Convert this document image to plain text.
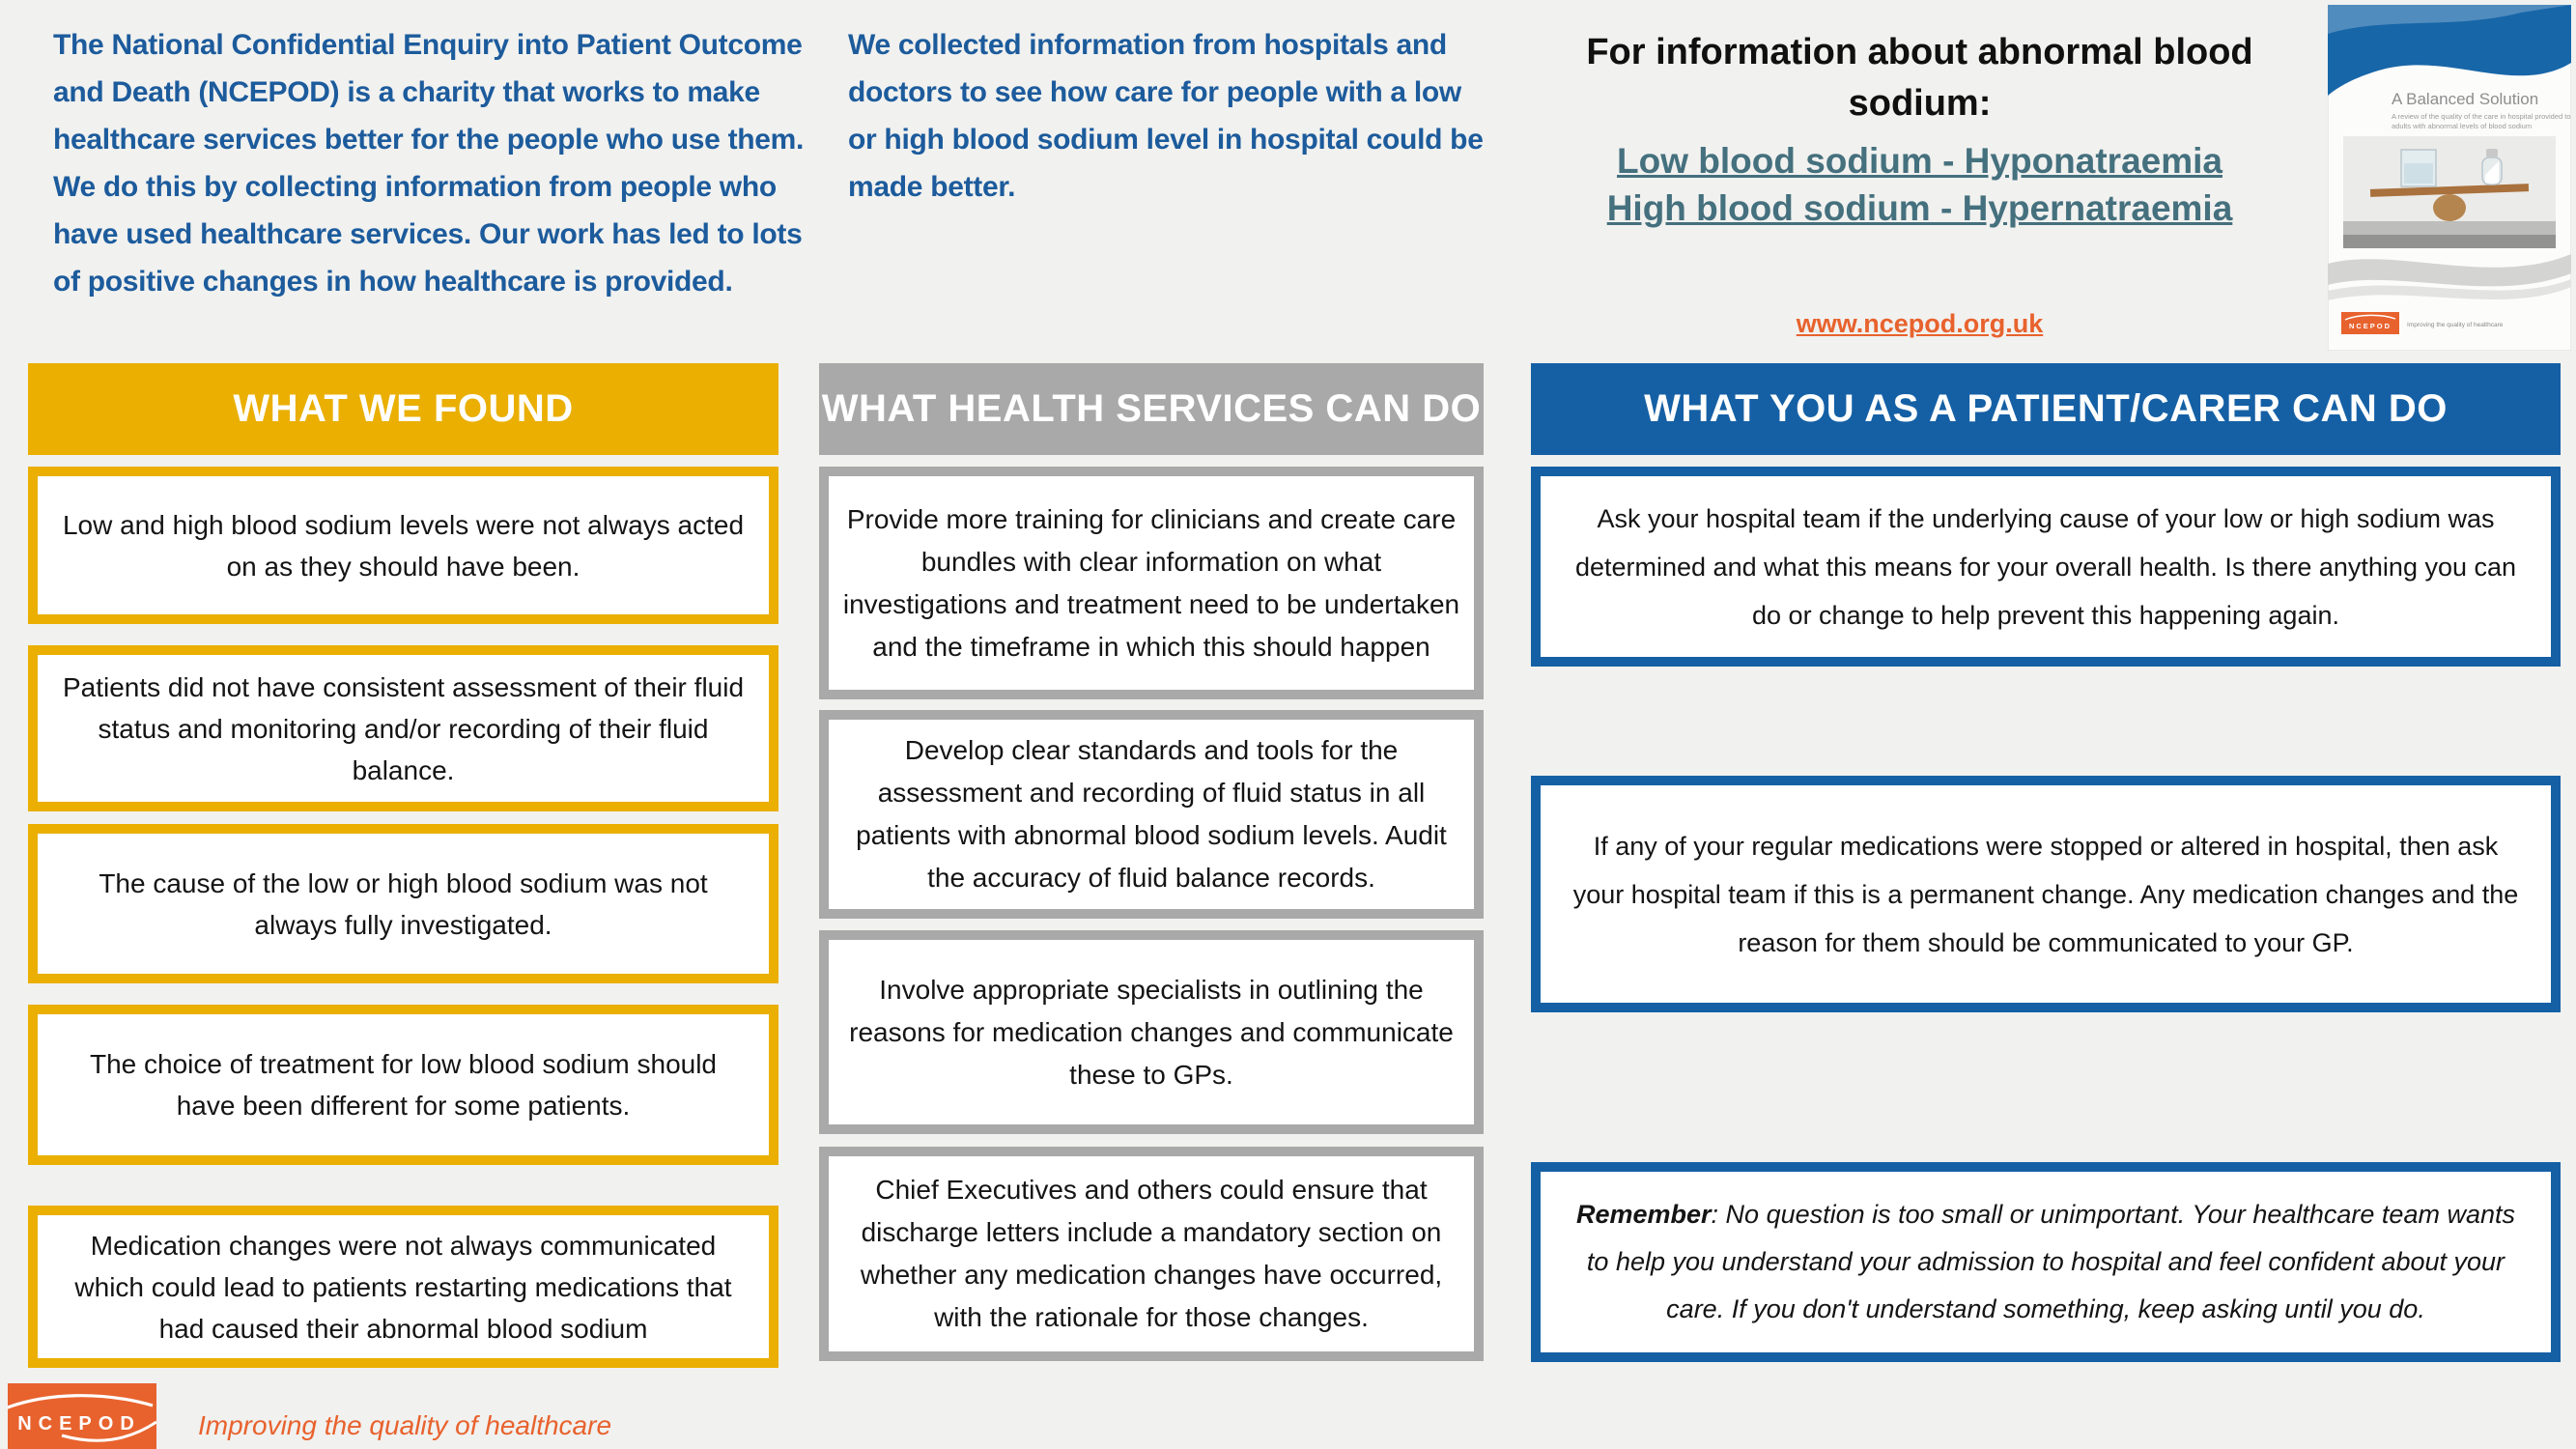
The National Confidential Enquiry into Patient Outcome and Death (NCEPOD) is a charity that works to make healthcare services better for the people who use them.

We do this by collecting information from people who have used healthcare services. Our work has led to lots of positive changes in how healthcare is provided.

We collected information from hospitals and doctors to see how care for people with a low or high blood sodium level in hospital could be made better.

For information about abnormal blood sodium:
Low blood sodium - Hyponatraemia
High blood sodium - Hypernatraemia

www.ncepod.org.uk
A Balanced Solution
A review of the quality of the care in hospital provided to
adults with abnormal levels of blood sodium
NCEPOD Improving the quality of healthcare
WHAT WE FOUND	WHAT HEALTH SERVICES CAN DO	WHAT YOU AS A PATIENT/CARER CAN DO

Low and high blood sodium levels were not always acted on as they should have been.

Patients did not have consistent assessment of their fluid status and monitoring and/or recording of their fluid balance.

The cause of the low or high blood sodium was not always fully investigated.

The choice of treatment for low blood sodium should have been different for some patients.

Medication changes were not always communicated which could lead to patients restarting medications that had caused their abnormal blood sodium

Provide more training for clinicians and create care bundles with clear information on what investigations and treatment need to be undertaken and the timeframe in which this should happen

Develop clear standards and tools for the assessment and recording of fluid status in all patients with abnormal blood sodium levels. Audit the accuracy of fluid balance records.

Involve appropriate specialists in outlining the reasons for medication changes and communicate these to GPs.

Chief Executives and others could ensure that discharge letters include a mandatory section on whether any medication changes have occurred, with the rationale for those changes.

Ask your hospital team if the underlying cause of your low or high sodium was determined and what this means for your overall health. Is there anything you can do or change to help prevent this happening again.

If any of your regular medications were stopped or altered in hospital, then ask your hospital team if this is a permanent change. Any medication changes and the reason for them should be communicated to your GP.

Remember: No question is too small or unimportant. Your healthcare team wants to help you understand your admission to hospital and feel confident about your care. If you don't understand something, keep asking until you do.

NCEPOD Improving the quality of healthcare
